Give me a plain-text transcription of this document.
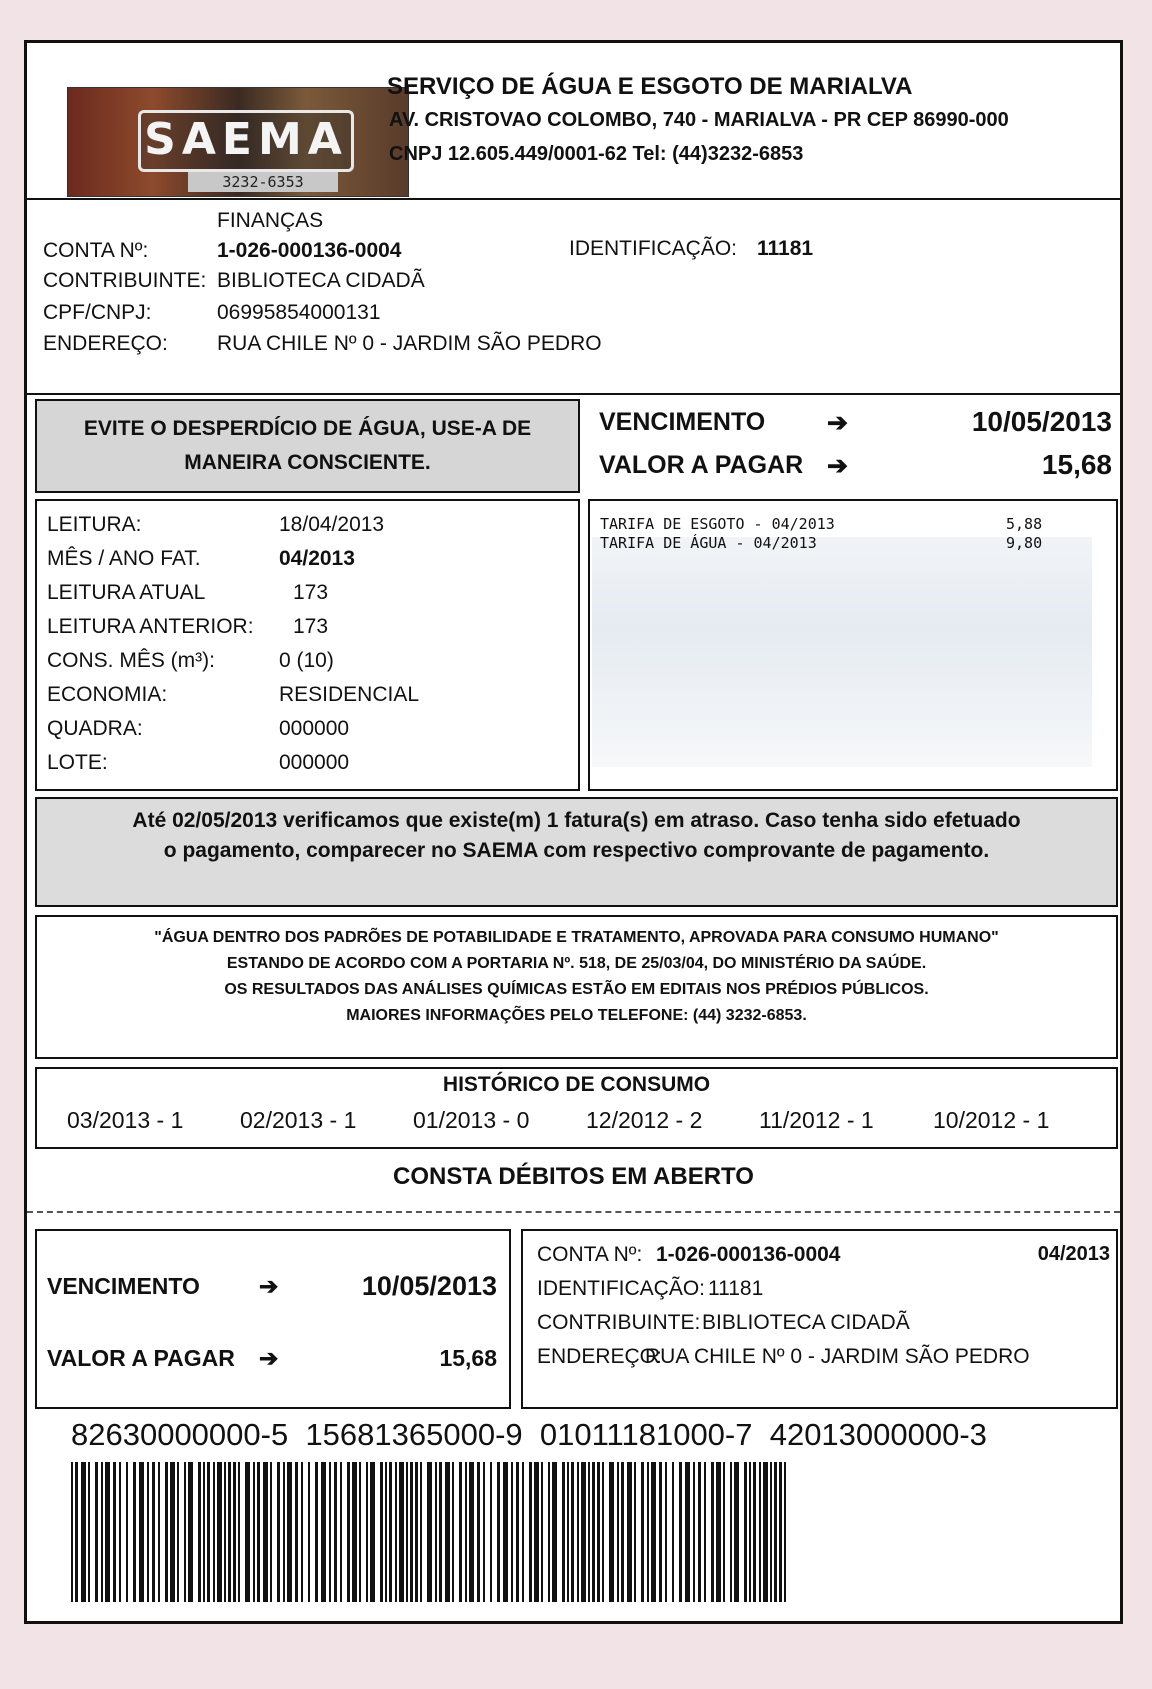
SAEMA
3232-6353
SERVIÇO DE ÁGUA E ESGOTO DE MARIALVA
AV. CRISTOVAO COLOMBO, 740 - MARIALVA - PR CEP 86990-000
CNPJ 12.605.449/0001-62 Tel: (44)3232-6853
FINANÇAS
CONTA Nº:	1-026-000136-0004	IDENTIFICAÇÃO: 11181
CONTRIBUINTE: BIBLIOTECA CIDADÃ
CPF/CNPJ:	06995854000131
ENDEREÇO: RUA CHILE Nº 0 - JARDIM SÃO PEDRO
EVITE O DESPERDÍCIO DE ÁGUA, USE-A DE
MANEIRA CONSCIENTE.
VENCIMENTO ➔	10/05/2013
VALOR A PAGAR ➔	15,68
LEITURA:	18/04/2013
MÊS / ANO FAT.	04/2013
LEITURA ATUAL	173
LEITURA ANTERIOR: 173
CONS. MÊS (m³):	0 (10)
ECONOMIA:	RESIDENCIAL
QUADRA:	000000
LOTE:	000000
TARIFA DE ESGOTO - 04/2013	5,88
TARIFA DE ÁGUA - 04/2013	9,80
Até 02/05/2013 verificamos que existe(m) 1 fatura(s) em atraso. Caso tenha sido efetuado
o pagamento, comparecer no SAEMA com respectivo comprovante de pagamento.
"ÁGUA DENTRO DOS PADRÕES DE POTABILIDADE E TRATAMENTO, APROVADA PARA CONSUMO HUMANO"
ESTANDO DE ACORDO COM A PORTARIA Nº. 518, DE 25/03/04, DO MINISTÉRIO DA SAÚDE.
OS RESULTADOS DAS ANÁLISES QUÍMICAS ESTÃO EM EDITAIS NOS PRÉDIOS PÚBLICOS.
MAIORES INFORMAÇÕES PELO TELEFONE: (44) 3232-6853.
HISTÓRICO DE CONSUMO
03/2013 - 1 02/2013 - 1 01/2013 - 0 12/2012 - 2 11/2012 - 1	10/2012 - 1
CONSTA DÉBITOS EM ABERTO
VENCIMENTO	➔	10/05/2013
VALOR A PAGAR ➔	15,68
CONTA Nº: 1-026-000136-0004	04/2013
IDENTIFICAÇÃO: 11181
CONTRIBUINTE: BIBLIOTECA CIDADÃ
ENDEREÇO:
RUA CHILE Nº 0 - JARDIM SÃO PEDRO
82630000000-5  15681365000-9  01011181000-7  42013000000-3
